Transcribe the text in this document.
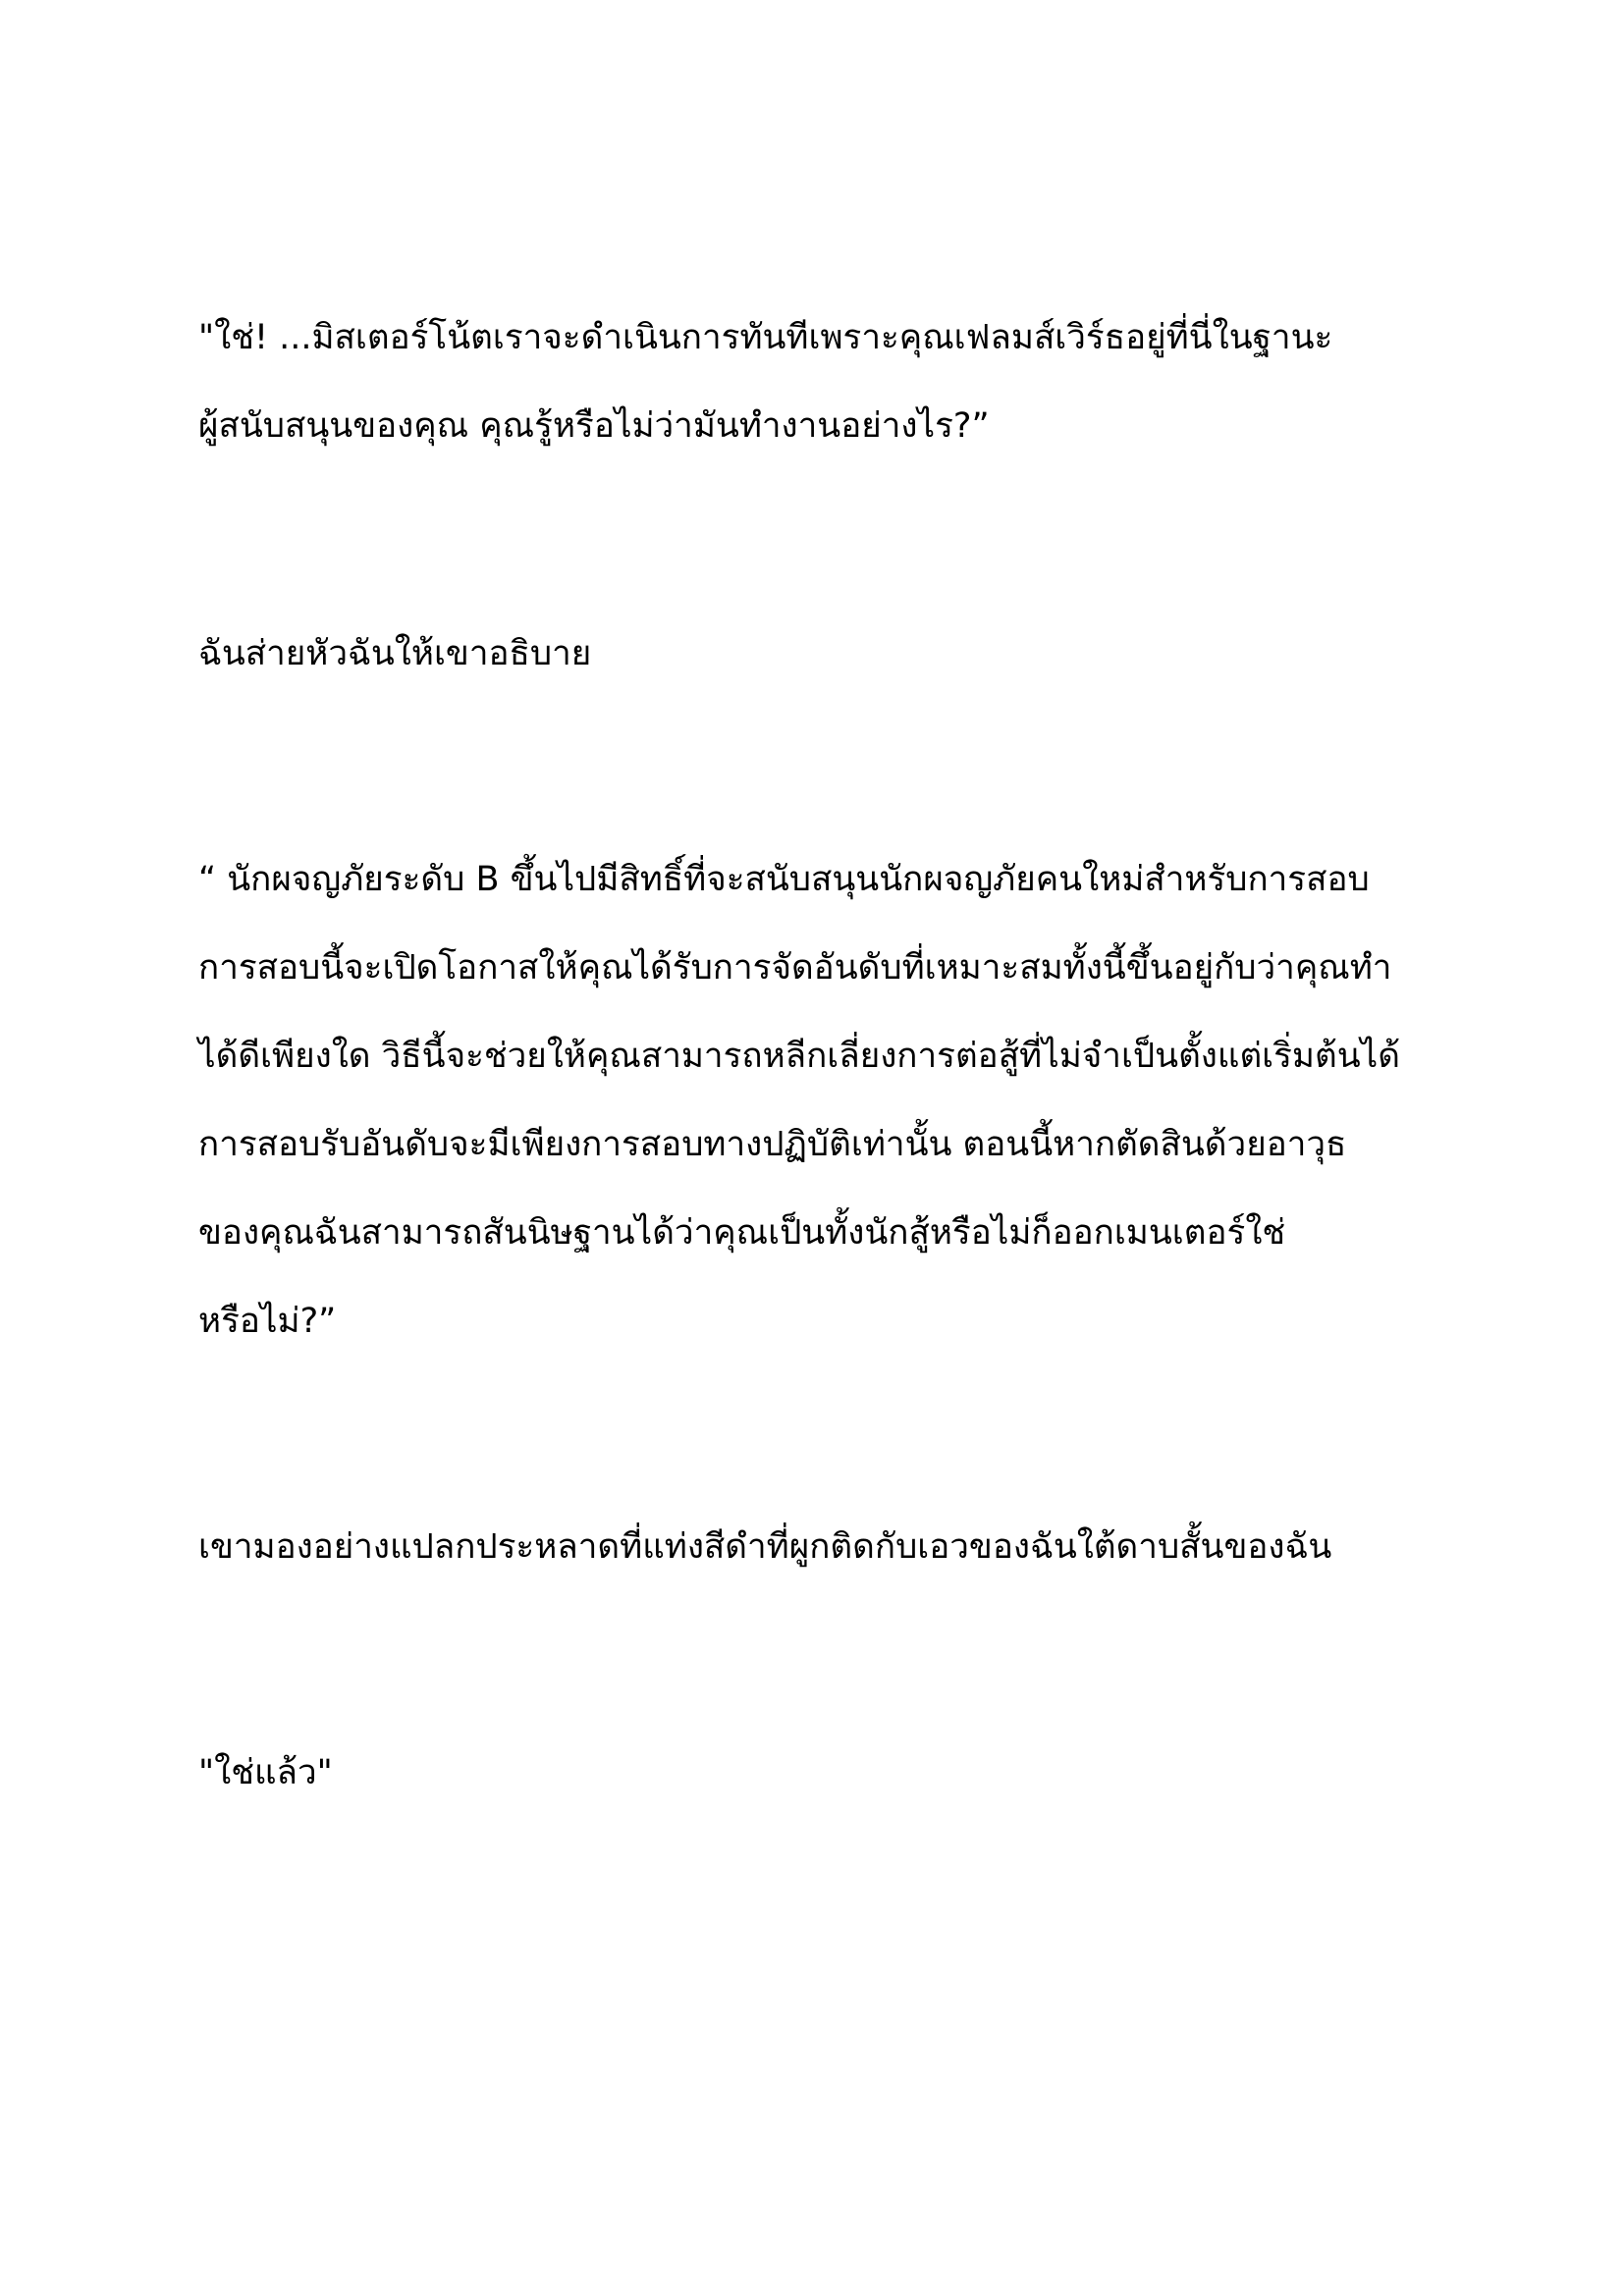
"ใช่! ...มิสเตอร์โน้ตเราจะดำเนินการทันทีเพราะคุณเฟลมส์เวิร์ธอยู่ที่นี่ในฐานะ

ผู้สนับสนุนของคุณ คุณรู้หรือไม่ว่ามันทำงานอย่างไร?”

ฉันส่ายหัวฉันให้เขาอธิบาย

“ นักผจญภัยระดับ B ขึ้นไปมีสิทธิ์ที่จะสนับสนุนนักผจญภัยคนใหม่สำหรับการสอบ

การสอบนี้จะเปิดโอกาสให้คุณได้รับการจัดอันดับที่เหมาะสมทั้งนี้ขึ้นอยู่กับว่าคุณทำ

ได้ดีเพียงใด วิธีนี้จะช่วยให้คุณสามารถหลีกเลี่ยงการต่อสู้ที่ไม่จำเป็นตั้งแต่เริ่มต้นได้

การสอบรับอันดับจะมีเพียงการสอบทางปฏิบัติเท่านั้น ตอนนี้หากตัดสินด้วยอาวุธ

ของคุณฉันสามารถสันนิษฐานได้ว่าคุณเป็นทั้งนักสู้หรือไม่ก็ออกเมนเตอร์ใช่

หรือไม่?”

เขามองอย่างแปลกประหลาดที่แท่งสีดำที่ผูกติดกับเอวของฉันใต้ดาบสั้นของฉัน

"ใช่แล้ว"
